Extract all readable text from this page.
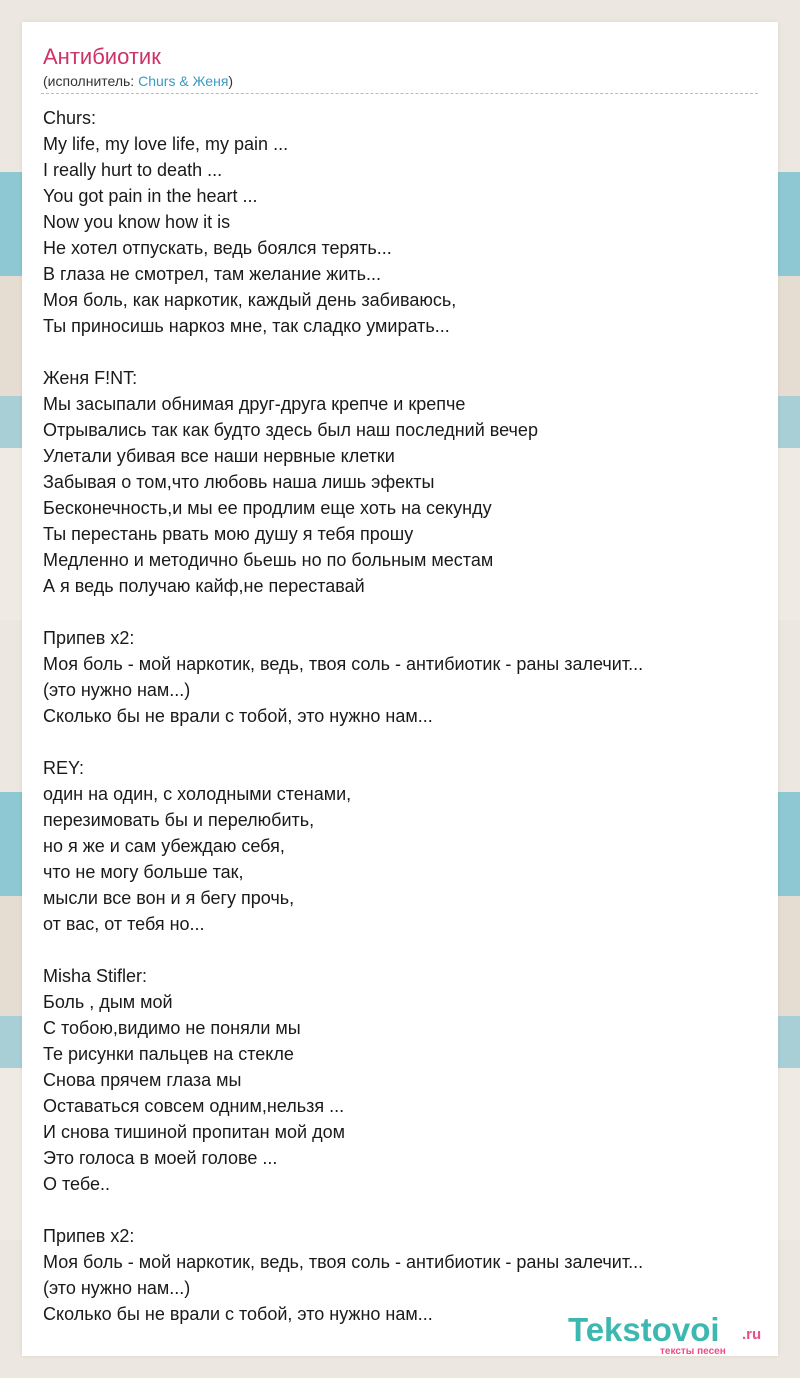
Антибиотик
(исполнитель: Churs & Женя)
Churs:
My life, my love life, my pain ...
I really hurt to death ...
You got pain in the heart ...
Now you know how it is
Не хотел отпускать, ведь боялся терять...
В глаза не смотрел, там желание жить...
Моя боль, как наркотик, каждый день забиваюсь,
Ты приносишь наркоз мне, так сладко умирать...
Женя F!NT:
Мы засыпали обнимая друг-друга крепче и крепче
Отрывались так как будто здесь был наш последний вечер
Улетали убивая все наши нервные клетки
Забывая о том,что любовь наша лишь эфекты
Бесконечность,и мы ее продлим еще хоть на секунду
Ты перестань рвать мою душу я тебя прошу
Медленно и методично бьешь но по больным местам
А я ведь получаю кайф,не переставай
Припев x2:
Моя боль - мой наркотик, ведь, твоя соль - антибиотик - раны залечит...
(это нужно нам...)
Сколько бы не врали с тобой, это нужно нам...
REY:
один на один, с холодными стенами,
перезимовать бы и перелюбить,
но я же и сам убеждаю себя,
что не могу больше так,
мысли все вон и я бегу прочь,
от вас, от тебя но...
Misha Stifler:
Боль , дым мой
С тобою,видимо не поняли мы
Те рисунки пальцев на стекле
Снова прячем глаза мы
Оставаться совсем одним,нельзя ...
И снова тишиной пропитан мой дом
Это голоса в моей голове ...
О тебе..
Припев x2:
Моя боль - мой наркотик, ведь, твоя соль - антибиотик - раны залечит...
(это нужно нам...)
Сколько бы не врали с тобой, это нужно нам...	Tekstovoi .ru
тексты песен
